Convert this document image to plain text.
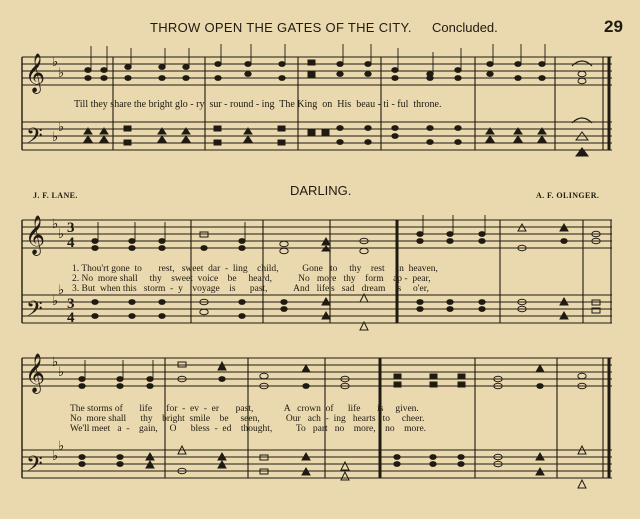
THROW OPEN THE GATES OF THE CITY. Concluded.	29
𝄞
𝄢
𝄞
𝄢
𝄞
𝄢
♭
♭
♭
♭
♭
♭
♭
♭
♭
♭
♭
♭
3
4
3
4
Till they share the bright glo - ry  sur - round - ing  The King  on  His  beau - ti - ful  throne.
DARLING.
J. F. LANE.	A. F. OLINGER.
1. Thou'rt gone  to       rest,   sweet  dar  -  ling    child,          Gone   to     thy    rest     in  heaven,
2. No  more shall     thy    sweet  voice    be     heard,           No   more   thy    form    ap -  pear,
3. But  when this   storm  -  y    voyage    is      past,           And   life's   sad   dream    is     o'er,
The storms of       life      for  -  ev  -  er       past,             A   crown  of      life       is     given.
No  more shall      thy    bright  smile    be     seen,           Our   ach  -  ing   hearts   to     cheer.
We'll meet   a  -    gain,     O      bless  -  ed    thought,          To   part   no    more,    no    more.
